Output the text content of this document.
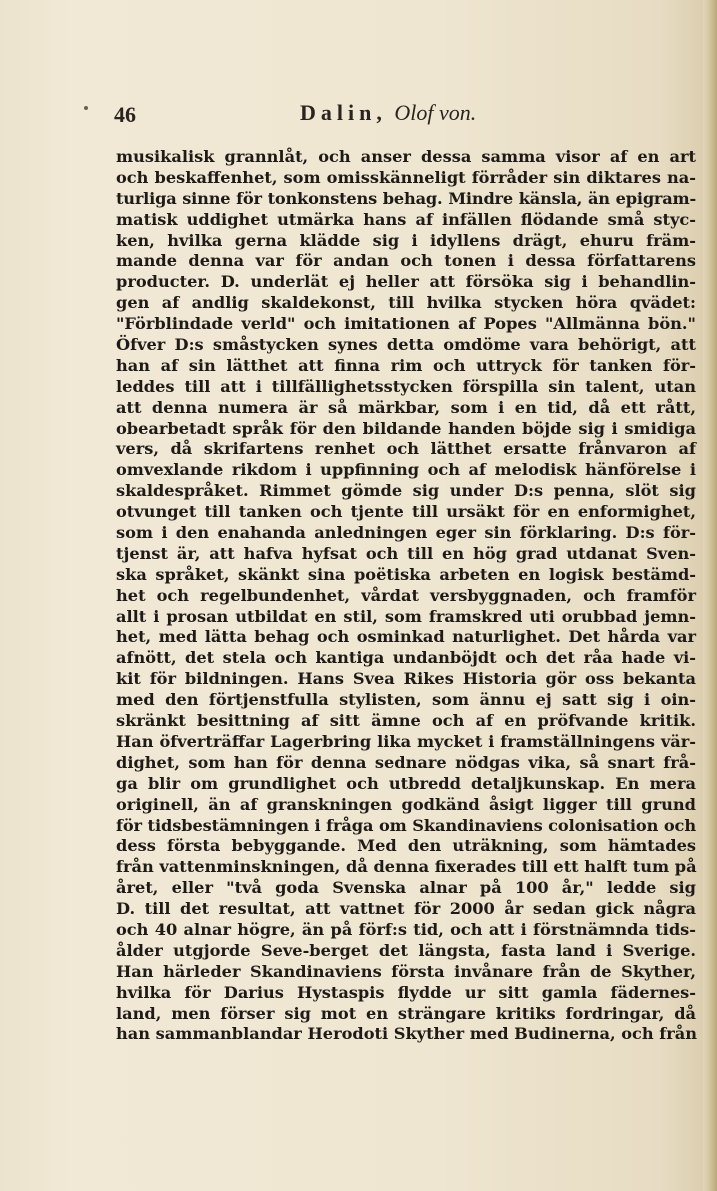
46	Dalin, Olof von.
musikalisk grannlåt, och anser dessa samma visor af en art
och beskaffenhet, som omisskänneligt förråder sin diktares na-
turliga sinne för tonkonstens behag. Mindre känsla, än epigram-
matisk uddighet utmärka hans af infällen flödande små styc-
ken, hvilka gerna klädde sig i idyllens drägt, ehuru främ-
mande denna var för andan och tonen i dessa författarens
producter. D. underlät ej heller att försöka sig i behandlin-
gen af andlig skaldekonst, till hvilka stycken höra qvädet:
"Förblindade verld" och imitationen af Popes "Allmänna bön."
Öfver D:s småstycken synes detta omdöme vara behörigt, att
han af sin lätthet att finna rim och uttryck för tanken för-
leddes till att i tillfällighetsstycken förspilla sin talent, utan
att denna numera är så märkbar, som i en tid, då ett rått,
obearbetadt språk för den bildande handen böjde sig i smidiga
vers, då skrifartens renhet och lätthet ersatte frånvaron af
omvexlande rikdom i uppfinning och af melodisk hänförelse i
skaldespråket. Rimmet gömde sig under D:s penna, slöt sig
otvunget till tanken och tjente till ursäkt för en enformighet,
som i den enahanda anledningen eger sin förklaring. D:s för-
tjenst är, att hafva hyfsat och till en hög grad utdanat Sven-
ska språket, skänkt sina poëtiska arbeten en logisk bestämd-
het och regelbundenhet, vårdat versbyggnaden, och framför
allt i prosan utbildat en stil, som framskred uti orubbad jemn-
het, med lätta behag och osminkad naturlighet. Det hårda var
afnött, det stela och kantiga undanböjdt och det råa hade vi-
kit för bildningen. Hans Svea Rikes Historia gör oss bekanta
med den förtjenstfulla stylisten, som ännu ej satt sig i oin-
skränkt besittning af sitt ämne och af en pröfvande kritik.
Han öfverträffar Lagerbring lika mycket i framställningens vär-
dighet, som han för denna sednare nödgas vika, så snart frå-
ga blir om grundlighet och utbredd detaljkunskap. En mera
originell, än af granskningen godkänd åsigt ligger till grund
för tidsbestämningen i fråga om Skandinaviens colonisation och
dess första bebyggande. Med den uträkning, som hämtades
från vattenminskningen, då denna fixerades till ett halft tum på
året, eller "två goda Svenska alnar på 100 år," ledde sig
D. till det resultat, att vattnet för 2000 år sedan gick några
och 40 alnar högre, än på förf:s tid, och att i förstnämnda tids-
ålder utgjorde Seve-berget det längsta, fasta land i Sverige.
Han härleder Skandinaviens första invånare från de Skyther,
hvilka för Darius Hystaspis flydde ur sitt gamla fädernes-
land, men förser sig mot en strängare kritiks fordringar, då
han sammanblandar Herodoti Skyther med Budinerna, och från
